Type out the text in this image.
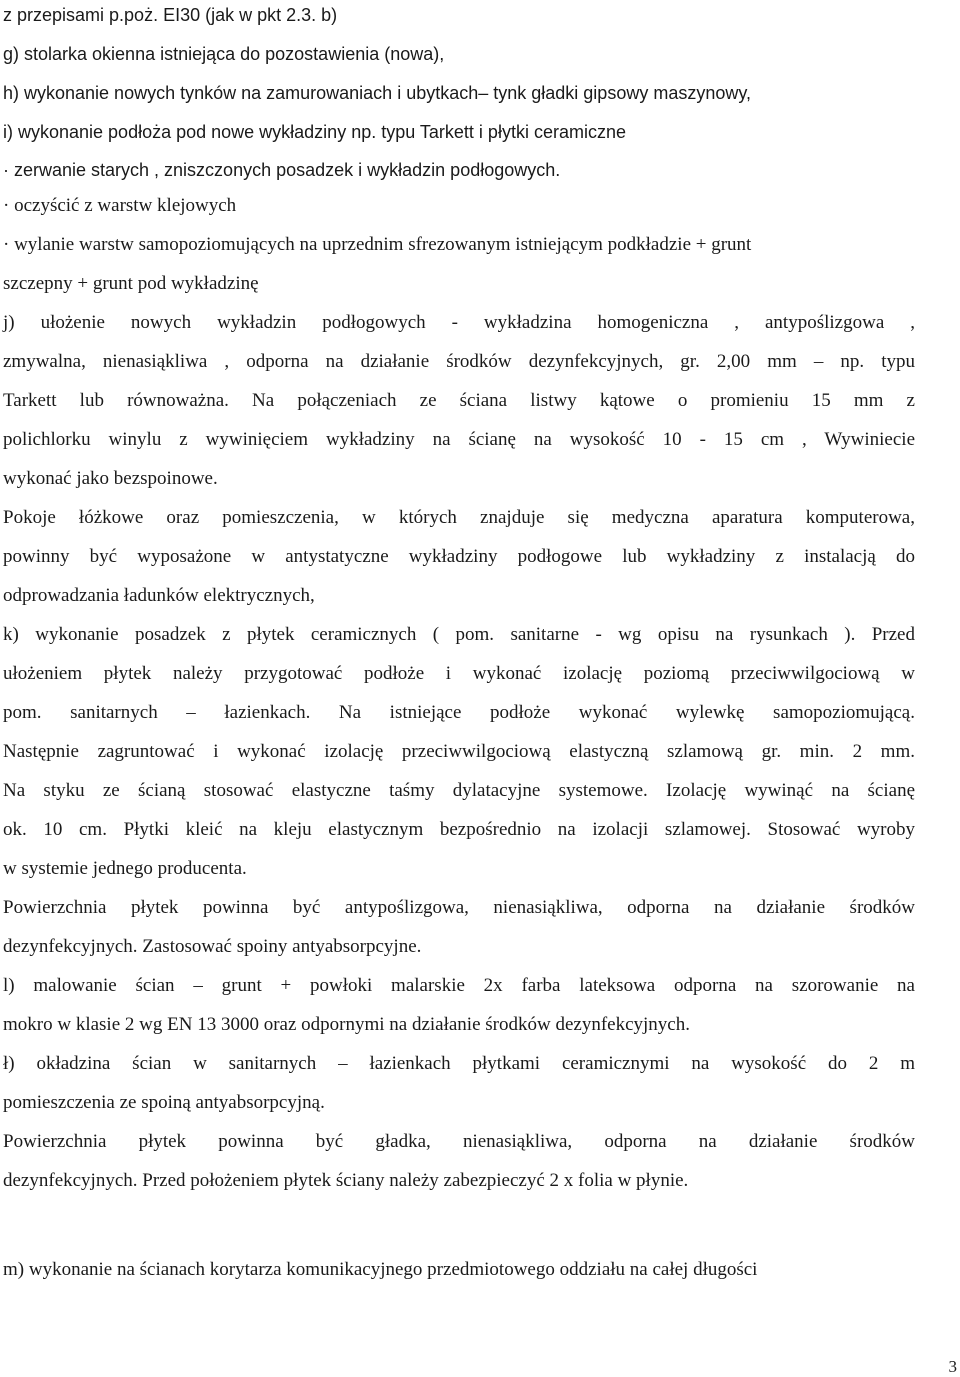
z przepisami p.poż. EI30 (jak w pkt 2.3. b)
g) stolarka okienna istniejąca do pozostawienia (nowa),
h) wykonanie nowych tynków na zamurowaniach i ubytkach– tynk gładki gipsowy maszynowy,
i) wykonanie podłoża pod nowe wykładziny np. typu Tarkett i płytki ceramiczne
· zerwanie starych , zniszczonych posadzek i wykładzin podłogowych.
· oczyścić z warstw klejowych
· wylanie warstw samopoziomujących na uprzednim sfrezowanym istniejącym podkładzie + grunt
szczepny + grunt pod wykładzinę
j) ułożenie nowych wykładzin podłogowych - wykładzina homogeniczna , antypoślizgowa ,
zmywalna, nienasiąkliwa , odporna na działanie środków dezynfekcyjnych, gr. 2,00 mm – np. typu
Tarkett lub równoważna. Na połączeniach ze ściana listwy kątowe o promieniu 15 mm z
polichlorku winylu z wywinięciem wykładziny na ścianę na wysokość 10 - 15 cm , Wywiniecie
wykonać jako bezspoinowe.
Pokoje łóżkowe oraz pomieszczenia, w których znajduje się medyczna aparatura komputerowa,
powinny być wyposażone w antystatyczne wykładziny podłogowe lub wykładziny z instalacją do
odprowadzania ładunków elektrycznych,
k) wykonanie posadzek z płytek ceramicznych ( pom. sanitarne - wg opisu na rysunkach ). Przed
ułożeniem płytek należy przygotować podłoże i wykonać izolację poziomą przeciwwilgociową w
pom. sanitarnych – łazienkach. Na istniejące podłoże wykonać wylewkę samopoziomującą.
Następnie zagruntować i wykonać izolację przeciwwilgociową elastyczną szlamową gr. min. 2 mm.
Na styku ze ścianą stosować elastyczne taśmy dylatacyjne systemowe. Izolację wywinąć na ścianę
ok. 10 cm. Płytki kleić na kleju elastycznym bezpośrednio na izolacji szlamowej. Stosować wyroby
w systemie jednego producenta.
Powierzchnia płytek powinna być antypoślizgowa, nienasiąkliwa, odporna na działanie środków
dezynfekcyjnych. Zastosować spoiny antyabsorpcyjne.
l) malowanie ścian – grunt + powłoki malarskie 2x farba lateksowa odporna na szorowanie na
mokro w klasie 2 wg EN 13 3000 oraz odpornymi na działanie środków dezynfekcyjnych.
ł) okładzina ścian w sanitarnych – łazienkach płytkami ceramicznymi na wysokość do 2 m
pomieszczenia ze spoiną antyabsorpcyjną.
Powierzchnia płytek powinna być gładka, nienasiąkliwa, odporna na działanie środków
dezynfekcyjnych. Przed położeniem płytek ściany należy zabezpieczyć 2 x folia w płynie.
m) wykonanie na ścianach korytarza komunikacyjnego przedmiotowego oddziału na całej długości
3
